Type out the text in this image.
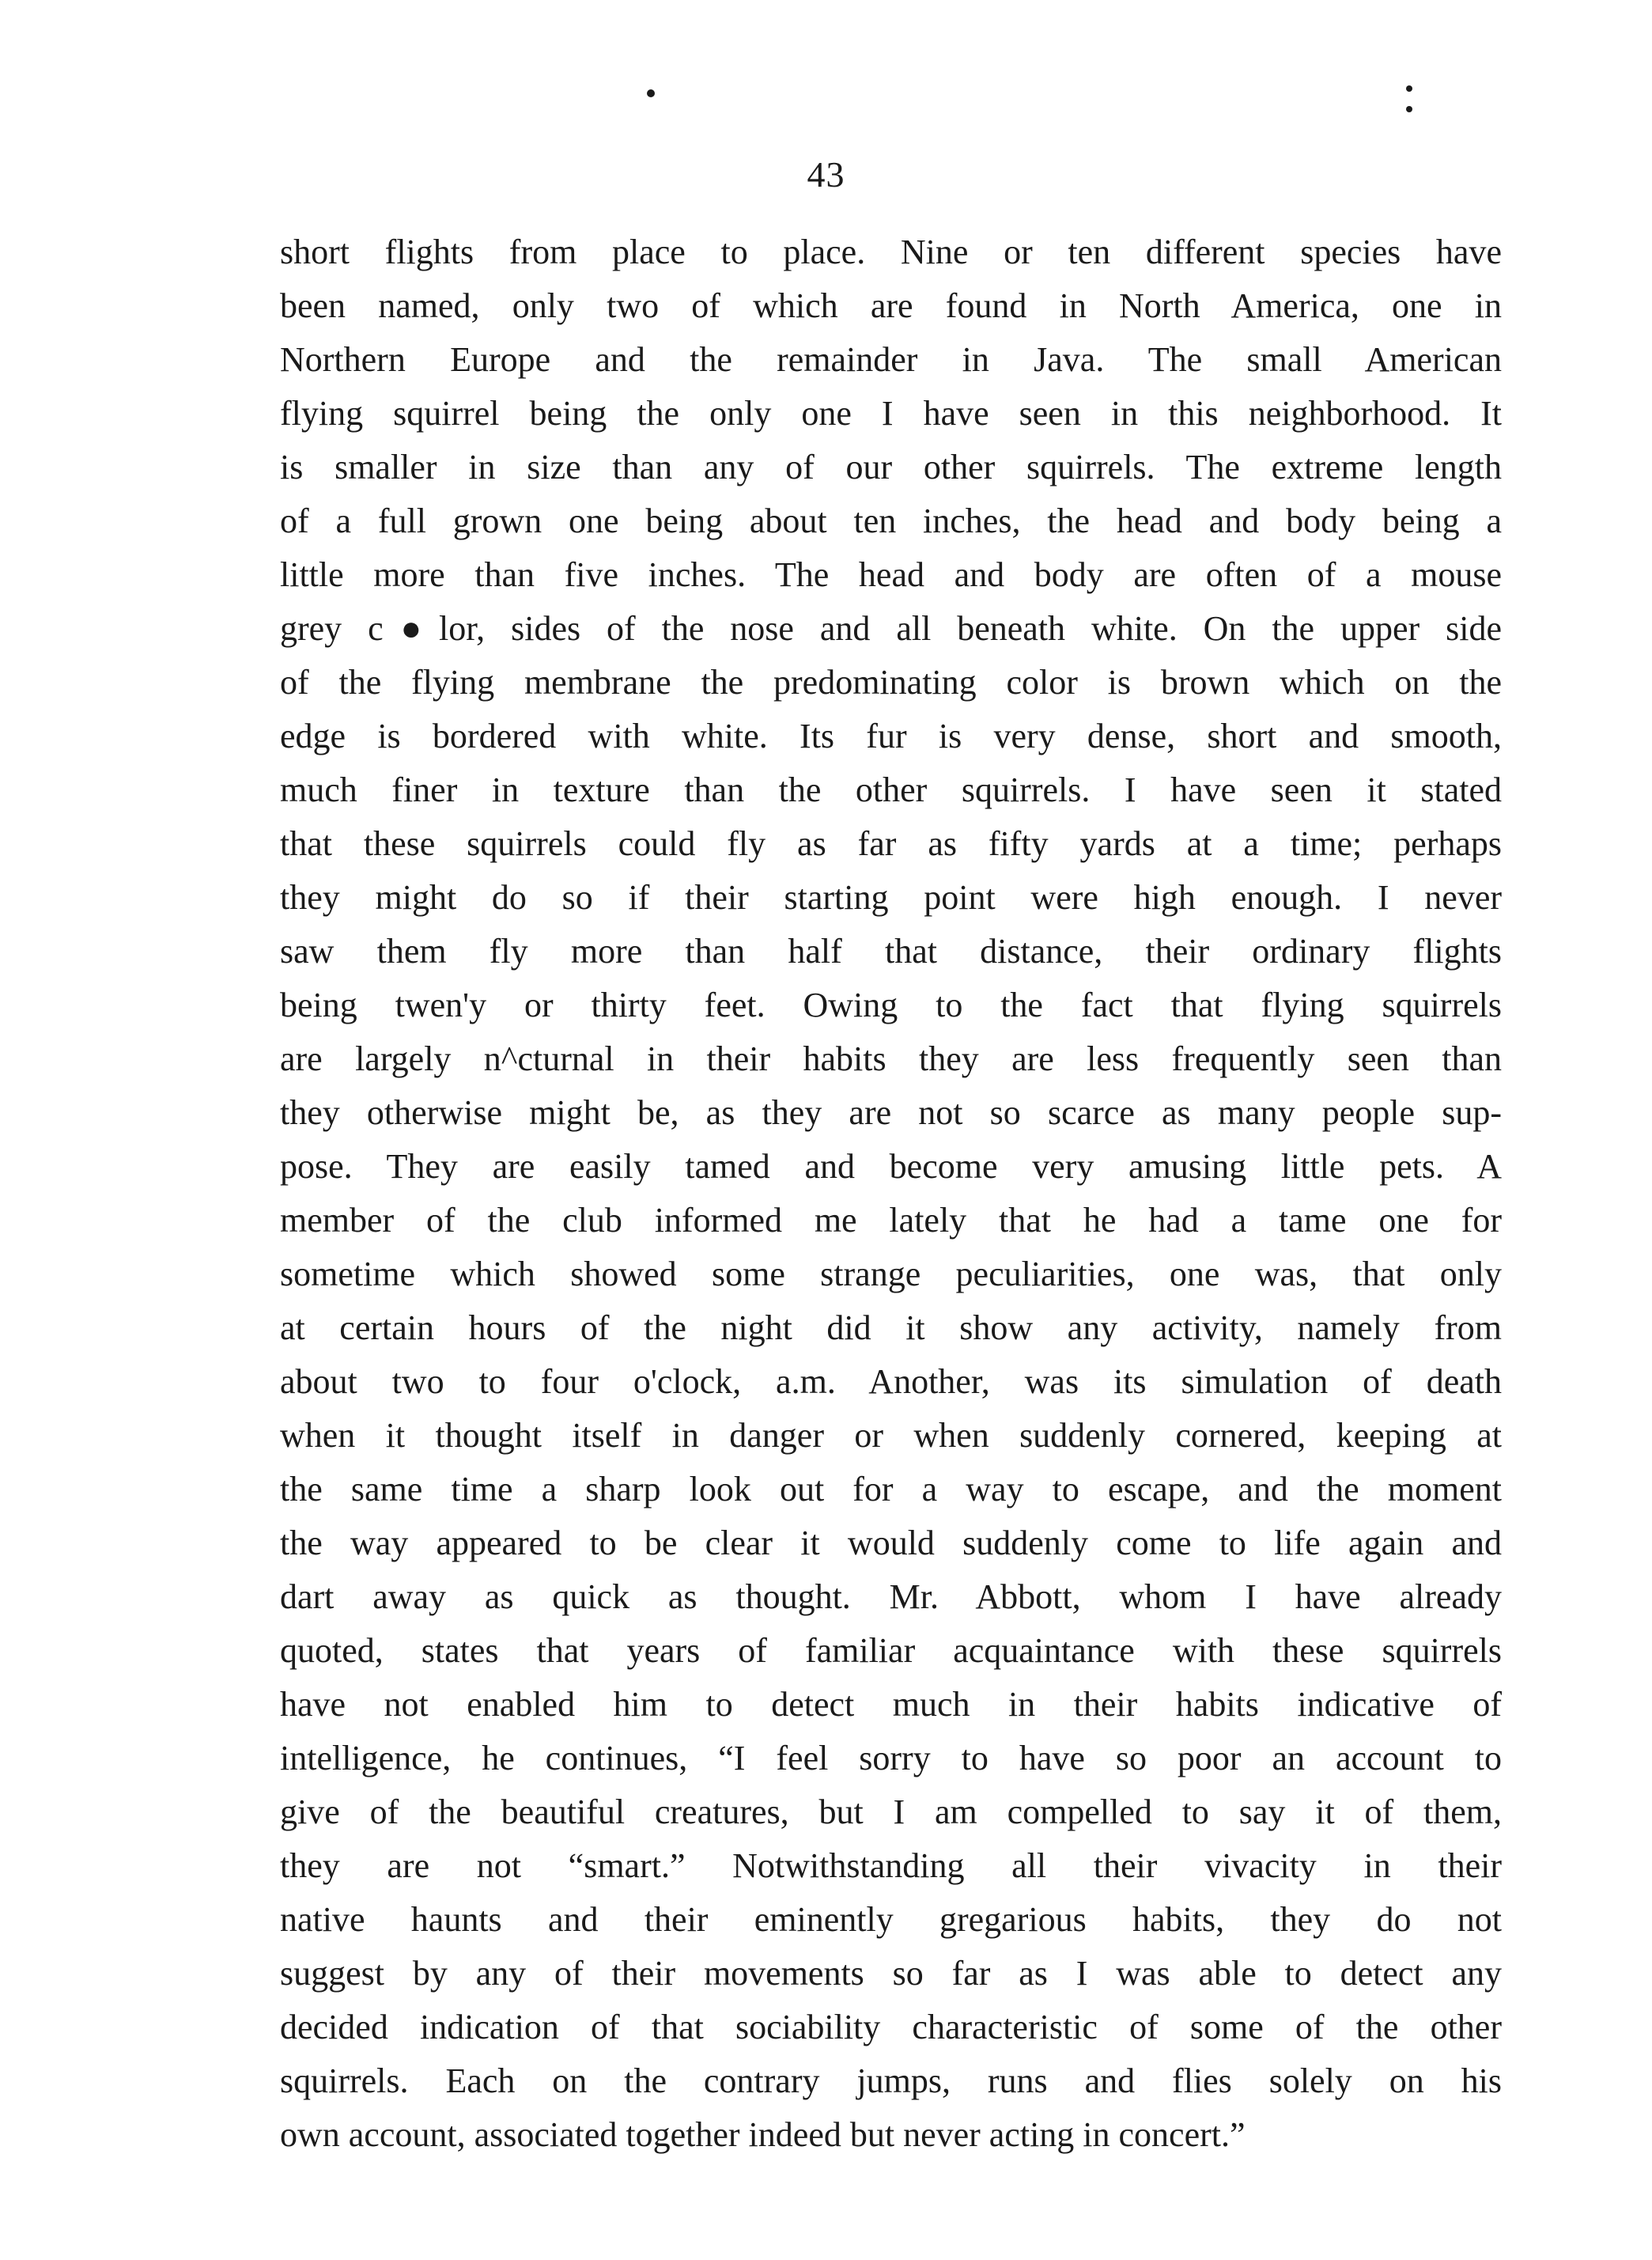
43
short flights from place to place. Nine or ten different species have
been named, only two of which are found in North America, one in
Northern Europe and the remainder in Java. The small American
flying squirrel being the only one I have seen in this neighborhood. It
is smaller in size than any of our other squirrels. The extreme length
of a full grown one being about ten inches, the head and body being a
little more than five inches. The head and body are often of a mouse
grey c●lor, sides of the nose and all beneath white. On the upper side
of the flying membrane the predominating color is brown which on the
edge is bordered with white. Its fur is very dense, short and smooth,
much finer in texture than the other squirrels. I have seen it stated
that these squirrels could fly as far as fifty yards at a time; perhaps
they might do so if their starting point were high enough. I never
saw them fly more than half that distance, their ordinary flights
being twen'y or thirty feet. Owing to the fact that flying squirrels
are largely n^cturnal in their habits they are less frequently seen than
they otherwise might be, as they are not so scarce as many people sup-
pose. They are easily tamed and become very amusing little pets. A
member of the club informed me lately that he had a tame one for
sometime which showed some strange peculiarities, one was, that only
at certain hours of the night did it show any activity, namely from
about two to four o'clock, a.m. Another, was its simulation of death
when it thought itself in danger or when suddenly cornered, keeping at
the same time a sharp look out for a way to escape, and the moment
the way appeared to be clear it would suddenly come to life again and
dart away as quick as thought. Mr. Abbott, whom I have already
quoted, states that years of familiar acquaintance with these squirrels
have not enabled him to detect much in their habits indicative of
intelligence, he continues, “I feel sorry to have so poor an account to
give of the beautiful creatures, but I am compelled to say it of them,
they are not “smart.” Notwithstanding all their vivacity in their
native haunts and their eminently gregarious habits, they do not
suggest by any of their movements so far as I was able to detect any
decided indication of that sociability characteristic of some of the other
squirrels. Each on the contrary jumps, runs and flies solely on his
own account, associated together indeed but never acting in concert.”
